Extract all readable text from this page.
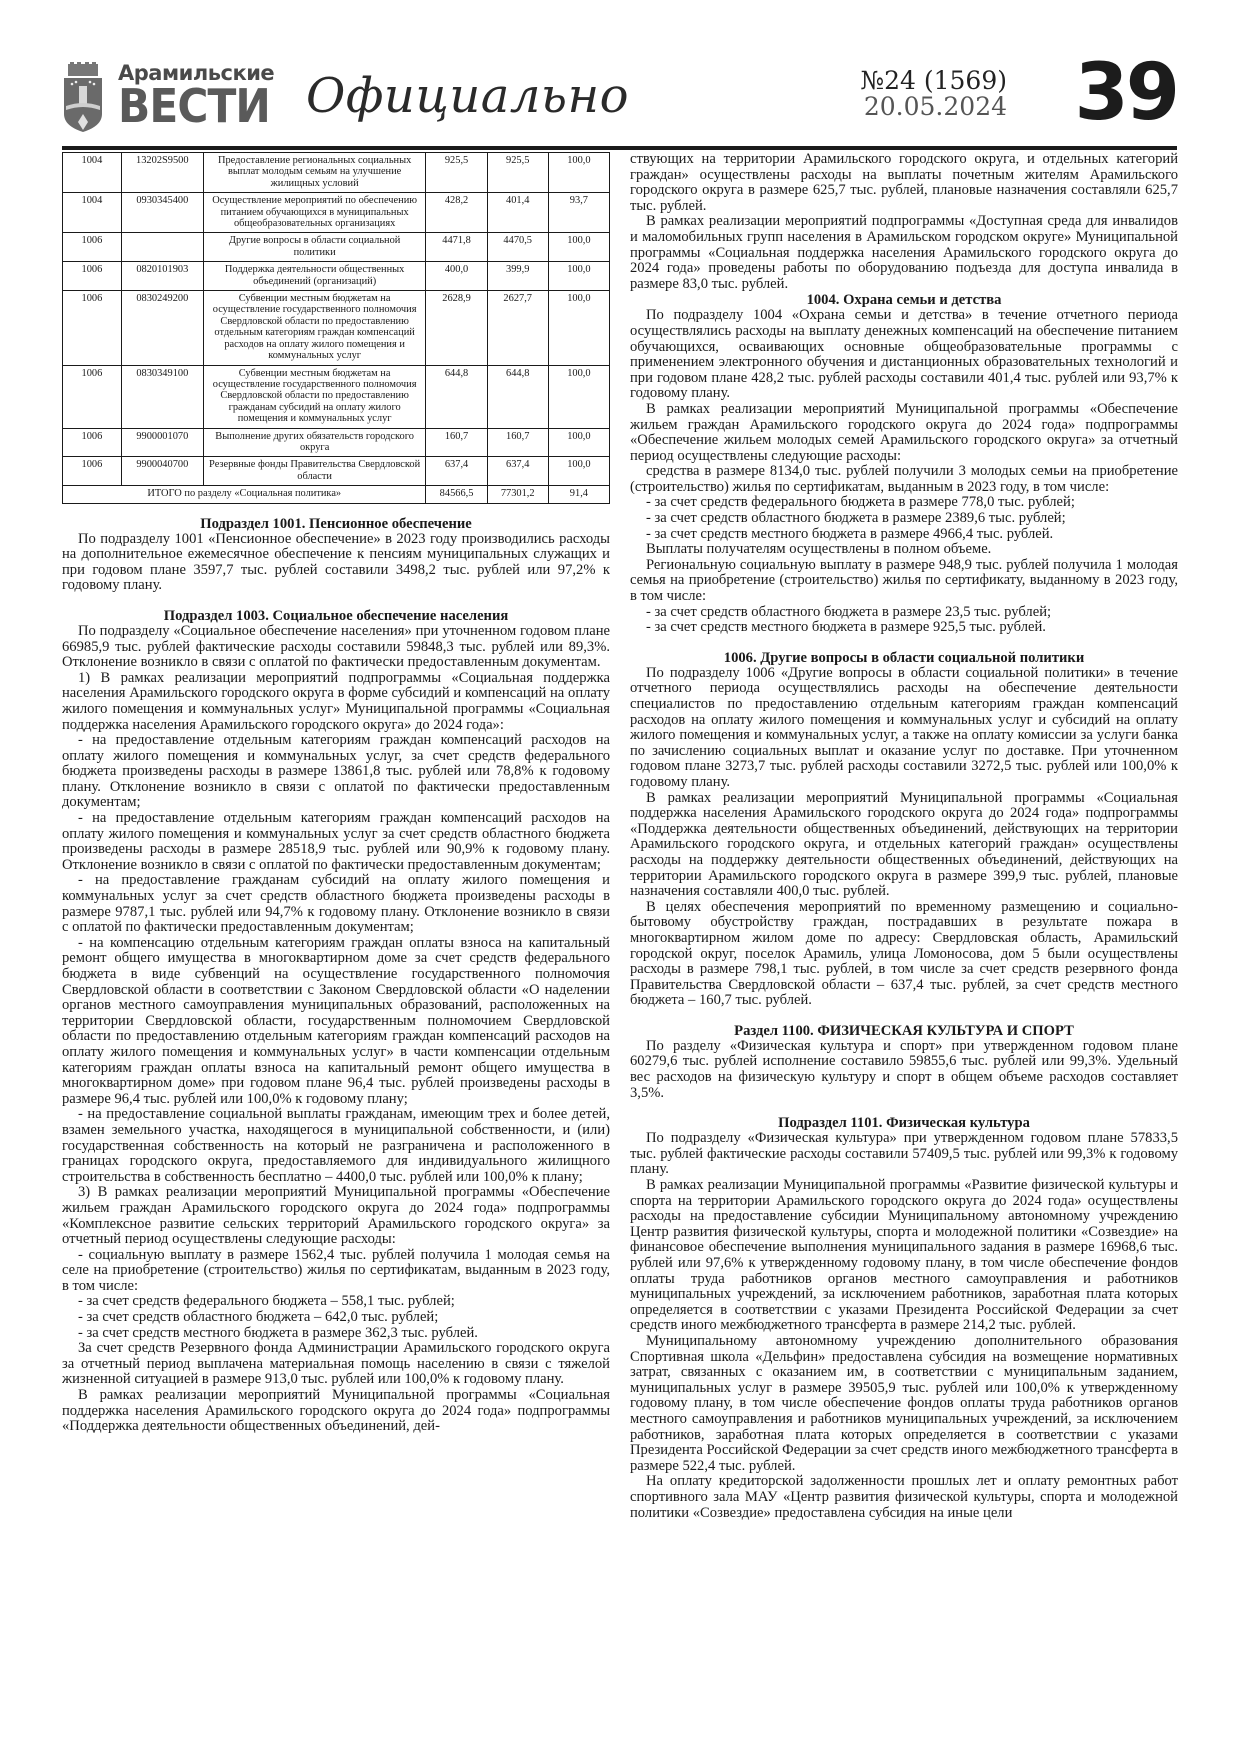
Арамильские
ВЕСТИ Официально	№24 (1569)
20.05.2024 39
1004	13202S9500	Предоставление региональных социальных выплат молодым семьям на улучшение жилищных условий	925,5	925,5	100,0
1004	0930345400	Осуществление мероприятий по обеспечению питанием обучающихся в муниципальных общеобразовательных организациях	428,2	401,4	93,7
1006		Другие вопросы в области социальной политики	4471,8	4470,5	100,0
1006	0820101903	Поддержка деятельности общественных объединений (организаций)	400,0	399,9	100,0
1006	0830249200	Субвенции местным бюджетам на осуществление государственного полномочия Свердловской области по предоставлению отдельным категориям граждан компенсаций расходов на оплату жилого помещения и коммунальных услуг	2628,9	2627,7	100,0
1006	0830349100	Субвенции местным бюджетам на осуществление государственного полномочия Свердловской области по предоставлению гражданам субсидий на оплату жилого помещения и коммунальных услуг	644,8	644,8	100,0
1006	9900001070	Выполнение других обязательств городского округа	160,7	160,7	100,0
1006	9900040700	Резервные фонды Правительства Свердловской области	637,4	637,4	100,0
ИТОГО по разделу «Социальная политика»			84566,5	77301,2	91,4
Подраздел 1001. Пенсионное обеспечение

По подразделу 1001 «Пенсионное обеспечение» в 2023 году производились расходы на дополнительное ежемесячное обеспечение к пенсиям муниципальных служащих и при годовом плане 3597,7 тыс. рублей составили 3498,2 тыс. рублей или 97,2% к годовому плану.

Подраздел 1003. Социальное обеспечение населения

По подразделу «Социальное обеспечение населения» при уточненном годовом плане 66985,9 тыс. рублей фактические расходы составили 59848,3 тыс. рублей или 89,3%. Отклонение возникло в связи с оплатой по фактически предоставленным документам.

1) В рамках реализации мероприятий подпрограммы «Социальная поддержка населения Арамильского городского округа в форме субсидий и компенсаций на оплату жилого помещения и коммунальных услуг» Муниципальной программы «Социальная поддержка населения Арамильского городского округа» до 2024 года»:

- на предоставление отдельным категориям граждан компенсаций расходов на оплату жилого помещения и коммунальных услуг, за счет средств федерального бюджета произведены расходы в размере 13861,8 тыс. рублей или 78,8% к годовому плану. Отклонение возникло в связи с оплатой по фактически предоставленным документам;

- на предоставление отдельным категориям граждан компенсаций расходов на оплату жилого помещения и коммунальных услуг за счет средств областного бюджета произведены расходы в размере 28518,9 тыс. рублей или 90,9% к годовому плану. Отклонение возникло в связи с оплатой по фактически предоставленным документам;

- на предоставление гражданам субсидий на оплату жилого помещения и коммунальных услуг за счет средств областного бюджета произведены расходы в размере 9787,1 тыс. рублей или 94,7% к годовому плану. Отклонение возникло в связи с оплатой по фактически предоставленным документам;

- на компенсацию отдельным категориям граждан оплаты взноса на капитальный ремонт общего имущества в многоквартирном доме за счет средств федерального бюджета в виде субвенций на осуществление государственного полномочия Свердловской области в соответствии с Законом Свердловской области «О наделении органов местного самоуправления муниципальных образований, расположенных на территории Свердловской области, государственным полномочием Свердловской области по предоставлению отдельным категориям граждан компенсаций расходов на оплату жилого помещения и коммунальных услуг» в части компенсации отдельным категориям граждан оплаты взноса на капитальный ремонт общего имущества в многоквартирном доме» при годовом плане 96,4 тыс. рублей произведены расходы в размере 96,4 тыс. рублей или 100,0% к годовому плану;

- на предоставление социальной выплаты гражданам, имеющим трех и более детей, взамен земельного участка, находящегося в муниципальной собственности, и (или) государственная собственность на который не разграничена и расположенного в границах городского округа, предоставляемого для индивидуального жилищного строительства в собственность бесплатно – 4400,0 тыс. рублей или 100,0% к плану;

3) В рамках реализации мероприятий Муниципальной программы «Обеспечение жильем граждан Арамильского городского округа до 2024 года» подпрограммы «Комплексное развитие сельских территорий Арамильского городского округа» за отчетный период осуществлены следующие расходы:

- социальную выплату в размере 1562,4 тыс. рублей получила 1 молодая семья на селе на приобретение (строительство) жилья по сертификатам, выданным в 2023 году, в том числе:

- за счет средств федерального бюджета – 558,1 тыс. рублей;

- за счет средств областного бюджета – 642,0 тыс. рублей;

- за счет средств местного бюджета в размере 362,3 тыс. рублей.

За счет средств Резервного фонда Администрации Арамильского городского округа за отчетный период выплачена материальная помощь населению в связи с тяжелой жизненной ситуацией в размере 913,0 тыс. рублей или 100,0% к годовому плану.

В рамках реализации мероприятий Муниципальной программы «Социальная поддержка населения Арамильского городского округа до 2024 года» подпрограммы «Поддержка деятельности общественных объединений, дей-

ствующих на территории Арамильского городского округа, и отдельных категорий граждан» осуществлены расходы на выплаты почетным жителям Арамильского городского округа в размере 625,7 тыс. рублей, плановые назначения составляли 625,7 тыс. рублей.

В рамках реализации мероприятий подпрограммы «Доступная среда для инвалидов и маломобильных групп населения в Арамильском городском округе» Муниципальной программы «Социальная поддержка населения Арамильского городского округа до 2024 года» проведены работы по оборудованию подъезда для доступа инвалида в размере 83,0 тыс. рублей.

1004. Охрана семьи и детства

По подразделу 1004 «Охрана семьи и детства» в течение отчетного периода осуществлялись расходы на выплату денежных компенсаций на обеспечение питанием обучающихся, осваивающих основные общеобразовательные программы с применением электронного обучения и дистанционных образовательных технологий и при годовом плане 428,2 тыс. рублей расходы составили 401,4 тыс. рублей или 93,7% к годовому плану.

В рамках реализации мероприятий Муниципальной программы «Обеспечение жильем граждан Арамильского городского округа до 2024 года» подпрограммы «Обеспечение жильем молодых семей Арамильского городского округа» за отчетный период осуществлены следующие расходы:

средства в размере 8134,0 тыс. рублей получили 3 молодых семьи на приобретение (строительство) жилья по сертификатам, выданным в 2023 году, в том числе:

- за счет средств федерального бюджета в размере 778,0 тыс. рублей;

- за счет средств областного бюджета в размере 2389,6 тыс. рублей;

- за счет средств местного бюджета в размере 4966,4 тыс. рублей.

Выплаты получателям осуществлены в полном объеме.

Региональную социальную выплату в размере 948,9 тыс. рублей получила 1 молодая семья на приобретение (строительство) жилья по сертификату, выданному в 2023 году, в том числе:

- за счет средств областного бюджета в размере 23,5 тыс. рублей;

- за счет средств местного бюджета в размере 925,5 тыс. рублей.

1006. Другие вопросы в области социальной политики

По подразделу 1006 «Другие вопросы в области социальной политики» в течение отчетного периода осуществлялись расходы на обеспечение деятельности специалистов по предоставлению отдельным категориям граждан компенсаций расходов на оплату жилого помещения и коммунальных услуг и субсидий на оплату жилого помещения и коммунальных услуг, а также на оплату комиссии за услуги банка по зачислению социальных выплат и оказание услуг по доставке. При уточненном годовом плане 3273,7 тыс. рублей расходы составили 3272,5 тыс. рублей или 100,0% к годовому плану.

В рамках реализации мероприятий Муниципальной программы «Социальная поддержка населения Арамильского городского округа до 2024 года» подпрограммы «Поддержка деятельности общественных объединений, действующих на территории Арамильского городского округа, и отдельных категорий граждан» осуществлены расходы на поддержку деятельности общественных объединений, действующих на территории Арамильского городского округа в размере 399,9 тыс. рублей, плановые назначения составляли 400,0 тыс. рублей.

В целях обеспечения мероприятий по временному размещению и социально-бытовому обустройству граждан, пострадавших в результате пожара в многоквартирном жилом доме по адресу: Свердловская область, Арамильский городской округ, поселок Арамиль, улица Ломоносова, дом 5 были осуществлены расходы в размере 798,1 тыс. рублей, в том числе за счет средств резервного фонда Правительства Свердловской области – 637,4 тыс. рублей, за счет средств местного бюджета – 160,7 тыс. рублей.

Раздел 1100. ФИЗИЧЕСКАЯ КУЛЬТУРА И СПОРТ

По разделу «Физическая культура и спорт» при утвержденном годовом плане 60279,6 тыс. рублей исполнение составило 59855,6 тыс. рублей или 99,3%. Удельный вес расходов на физическую культуру и спорт в общем объеме расходов составляет 3,5%.

Подраздел 1101. Физическая культура

По подразделу «Физическая культура» при утвержденном годовом плане 57833,5 тыс. рублей фактические расходы составили 57409,5 тыс. рублей или 99,3% к годовому плану.

В рамках реализации Муниципальной программы «Развитие физической культуры и спорта на территории Арамильского городского округа до 2024 года» осуществлены расходы на предоставление субсидии Муниципальному автономному учреждению Центр развития физической культуры, спорта и молодежной политики «Созвездие» на финансовое обеспечение выполнения муниципального задания в размере 16968,6 тыс. рублей или 97,6% к утвержденному годовому плану, в том числе обеспечение фондов оплаты труда работников органов местного самоуправления и работников муниципальных учреждений, за исключением работников, заработная плата которых определяется в соответствии с указами Президента Российской Федерации за счет средств иного межбюджетного трансферта в размере 214,2 тыс. рублей.

Муниципальному автономному учреждению дополнительного образования Спортивная школа «Дельфин» предоставлена субсидия на возмещение нормативных затрат, связанных с оказанием им, в соответствии с муниципальным заданием, муниципальных услуг в размере 39505,9 тыс. рублей или 100,0% к утвержденному годовому плану, в том числе обеспечение фондов оплаты труда работников органов местного самоуправления и работников муниципальных учреждений, за исключением работников, заработная плата которых определяется в соответствии с указами Президента Российской Федерации за счет средств иного межбюджетного трансферта в размере 522,4 тыс. рублей.

На оплату кредиторской задолженности прошлых лет и оплату ремонтных работ спортивного зала МАУ «Центр развития физической культуры, спорта и молодежной политики «Созвездие» предоставлена субсидия на иные цели
